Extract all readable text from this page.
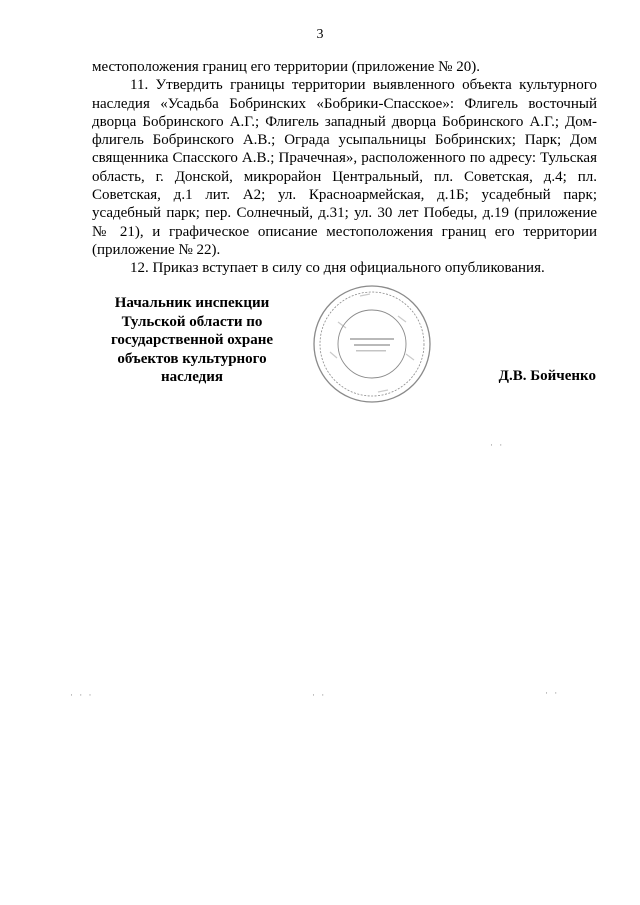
3

местоположения границ его территории (приложение № 20).

11. Утвердить границы территории выявленного объекта культурного наследия «Усадьба Бобринских «Бобрики-Спасское»: Флигель восточный дворца Бобринского А.Г.; Флигель западный дворца Бобринского А.Г.; Дом-флигель Бобринского А.В.; Ограда усыпальницы Бобринских; Парк; Дом священника Спасского А.В.; Прачечная», расположенного по адресу: Тульская область, г. Донской, микрорайон Центральный, пл. Советская, д.4; пл. Советская, д.1 лит. А2; ул. Красноармейская, д.1Б; усадебный парк; усадебный парк; пер. Солнечный, д.31; ул. 30 лет Победы, д.19 (приложение № 21), и графическое описание местоположения границ его территории (приложение № 22).

12. Приказ вступает в силу со дня официального опубликования.

Начальник инспекции
Тульской области по
государственной охране
объектов культурного
наследия	Д.В. Бойченко
· ·
· · ·	· ·	· ·
